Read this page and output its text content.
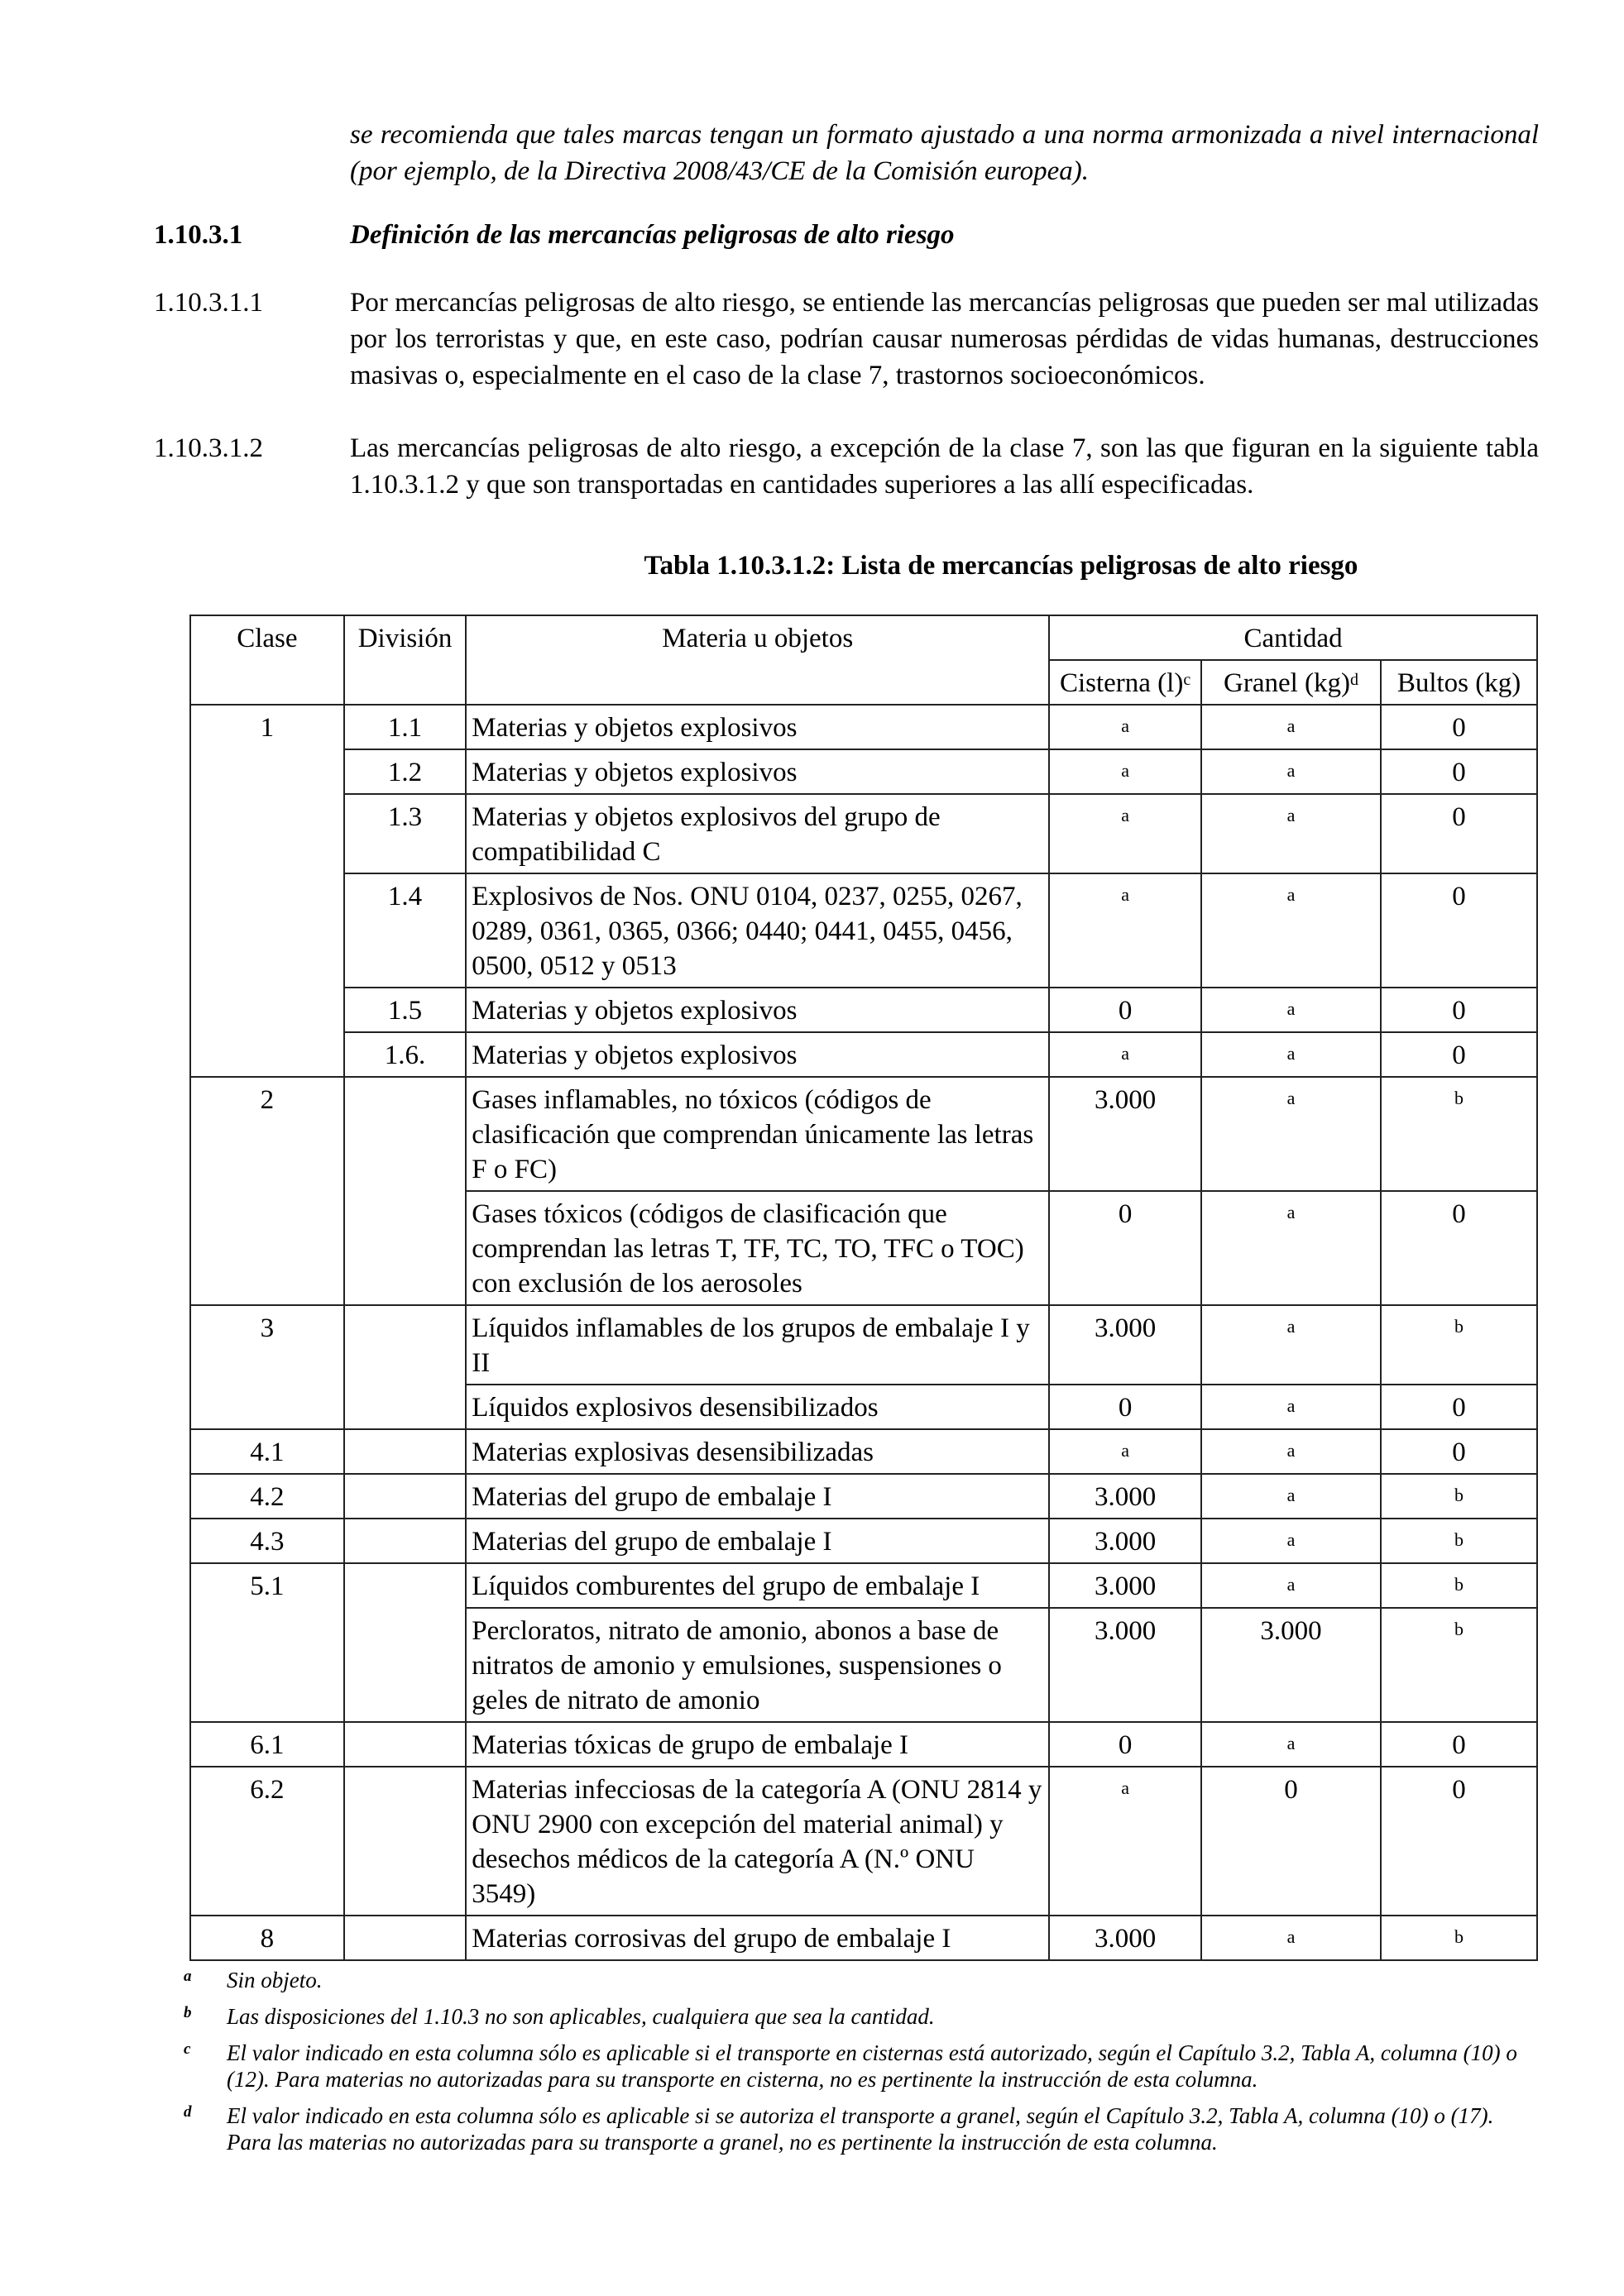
se recomienda que tales marcas tengan un formato ajustado a una norma armonizada a nivel internacional (por ejemplo, de la Directiva 2008/43/CE de la Comisión europea).

1.10.3.1	Definición de las mercancías peligrosas de alto riesgo
1.10.3.1.1	Por mercancías peligrosas de alto riesgo, se entiende las mercancías peligrosas que pueden ser mal utilizadas por los terroristas y que, en este caso, podrían causar numerosas pérdidas de vidas humanas, destrucciones masivas o, especialmente en el caso de la clase 7, trastornos socioeconómicos.
1.10.3.1.2	Las mercancías peligrosas de alto riesgo, a excepción de la clase 7, son las que figuran en la siguiente tabla 1.10.3.1.2 y que son transportadas en cantidades superiores a las allí especificadas.
Tabla 1.10.3.1.2: Lista de mercancías peligrosas de alto riesgo
Clase	División	Materia u objetos	Cantidad		
			Cisterna $(l)^c$	Granel (kg)$^d$	Bultos (kg)
1	1.1	Materias y objetos explosivos	a	a	0
	1.2	Materias y objetos explosivos	a	a	0
	1.3	Materias y objetos explosivos del grupo de compatibilidad C	a	a	0
	1.4	Explosivos de Nos. ONU 0104, 0237, 0255, 0267, 0289, 0361, 0365, 0366; 0440; 0441, 0455, 0456, 0500, 0512 y 0513	a	a	0
	1.5	Materias y objetos explosivos	0	a	0
	1.6.	Materias y objetos explosivos	a	a	0
2		Gases inflamables, no tóxicos (códigos de clasificación que comprendan únicamente las letras F o FC)	3.000	a	b
		Gases tóxicos (códigos de clasificación que comprendan las letras T, TF, TC, TO, TFC o TOC) con exclusión de los aerosoles	0	a	0
3		Líquidos inflamables de los grupos de embalaje I y II	3.000	a	b
		Líquidos explosivos desensibilizados	0	a	0
4.1		Materias explosivas desensibilizadas	a	a	0
4.2		Materias del grupo de embalaje I	3.000	a	b
4.3		Materias del grupo de embalaje I	3.000	a	b
5.1		Líquidos comburentes del grupo de embalaje I	3.000	a	b
		Percloratos, nitrato de amonio, abonos a base de nitratos de amonio y emulsiones, suspensiones o geles de nitrato de amonio	3.000	3.000	b
6.1		Materias tóxicas de grupo de embalaje I	0	a	0
6.2		Materias infecciosas de la categoría A (ONU 2814 y ONU 2900 con excepción del material animal) y desechos médicos de la categoría A (N.º ONU 3549)	a	0	0
8		Materias corrosivas del grupo de embalaje I	3.000	a	b
a	Sin objeto.
b	Las disposiciones del 1.10.3 no son aplicables, cualquiera que sea la cantidad.
c	El valor indicado en esta columna sólo es aplicable si el transporte en cisternas está autorizado, según el Capítulo 3.2, Tabla A, columna (10) o (12). Para materias no autorizadas para su transporte en cisterna, no es pertinente la instrucción de esta columna.
d	El valor indicado en esta columna sólo es aplicable si se autoriza el transporte a granel, según el Capítulo 3.2, Tabla A, columna (10) o (17). Para las materias no autorizadas para su transporte a granel, no es pertinente la instrucción de esta columna.
